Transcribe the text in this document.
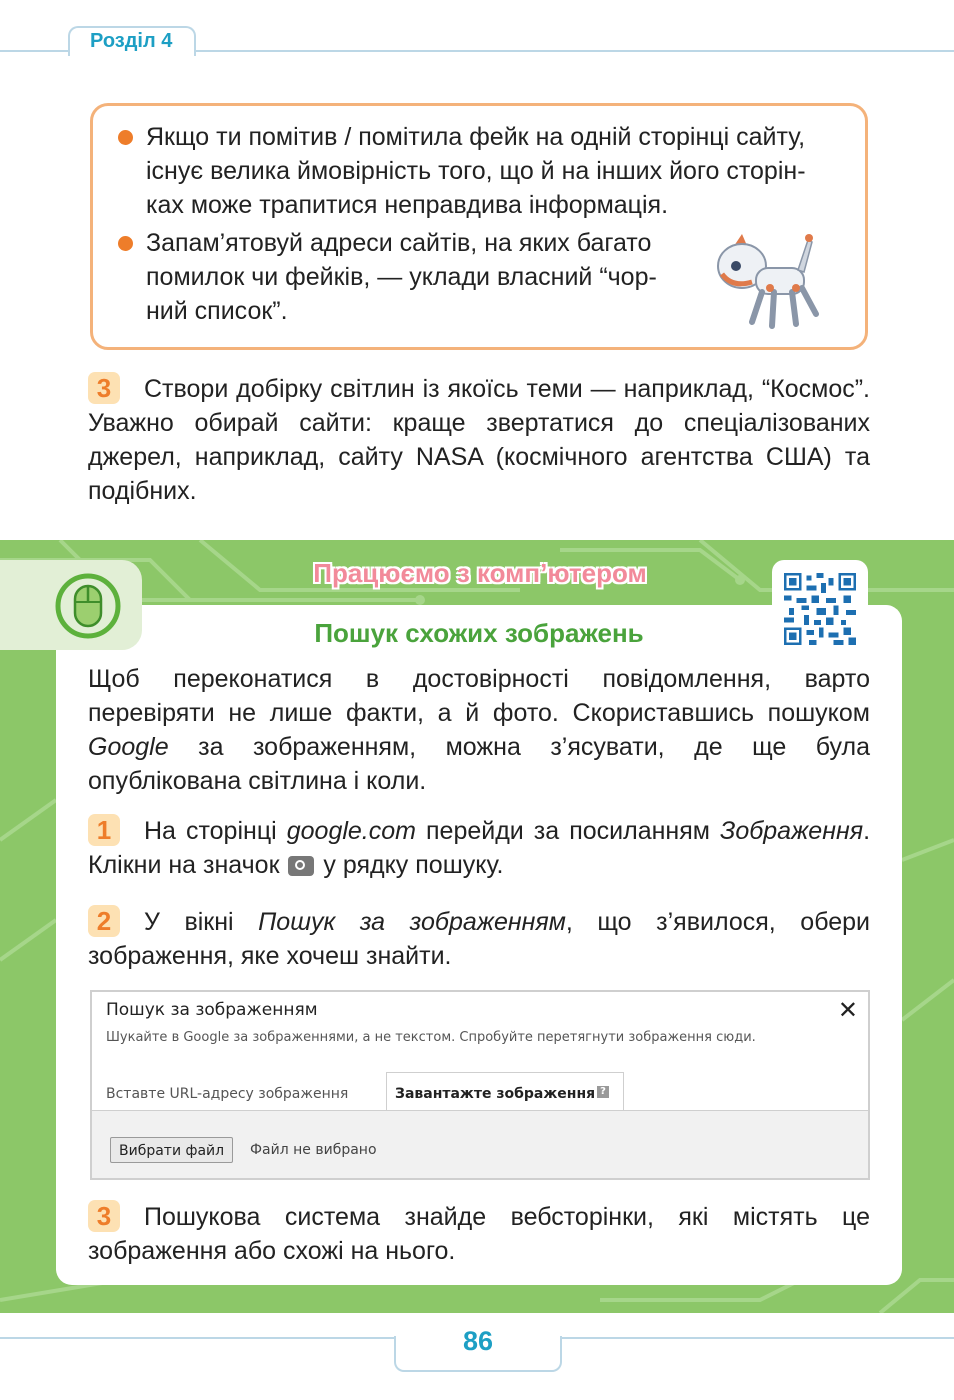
Розділ 4
Якщо ти помітив / помітила фейк на одній сторінці сайту,
існує велика ймовірність того, що й на інших його сторін-
ках може трапитися неправдива інформація.
Запам’ятовуй адреси сайтів, на яких багато
помилок чи фейків, — уклади власний “чор-
ний список”.
3 Створи добірку світлин із якоїсь теми — наприклад, “Космос”. Уважно обирай сайти: краще звертатися до спеціалізованих джерел, наприклад, сайту NASA (космічного агентства США) та подібних.
Працюємо з комп’ютером
Пошук схожих зображень
Щоб переконатися в достовірності повідомлення, варто перевіряти не лише факти, а й фото. Скориставшись пошуком Google за зображенням, можна з’ясувати, де ще була опублікована світлина і коли.
1 На сторінці google.com перейди за посиланням Зображення. Клікни на значок  у рядку пошуку.
2 У вікні Пошук за зображенням, що з’явилося, обери зображення, яке хочеш знайти.
Пошук за зображенням	✕
Шукайте в Google за зображеннями, а не текстом. Спробуйте перетягнути зображення сюди.
Вставте URL-адресу зображення	Завантажте зображення ?
Вибрати файл	Файл не вибрано
3 Пошукова система знайде вебсторінки, які містять це зображення або схожі на нього.
86
